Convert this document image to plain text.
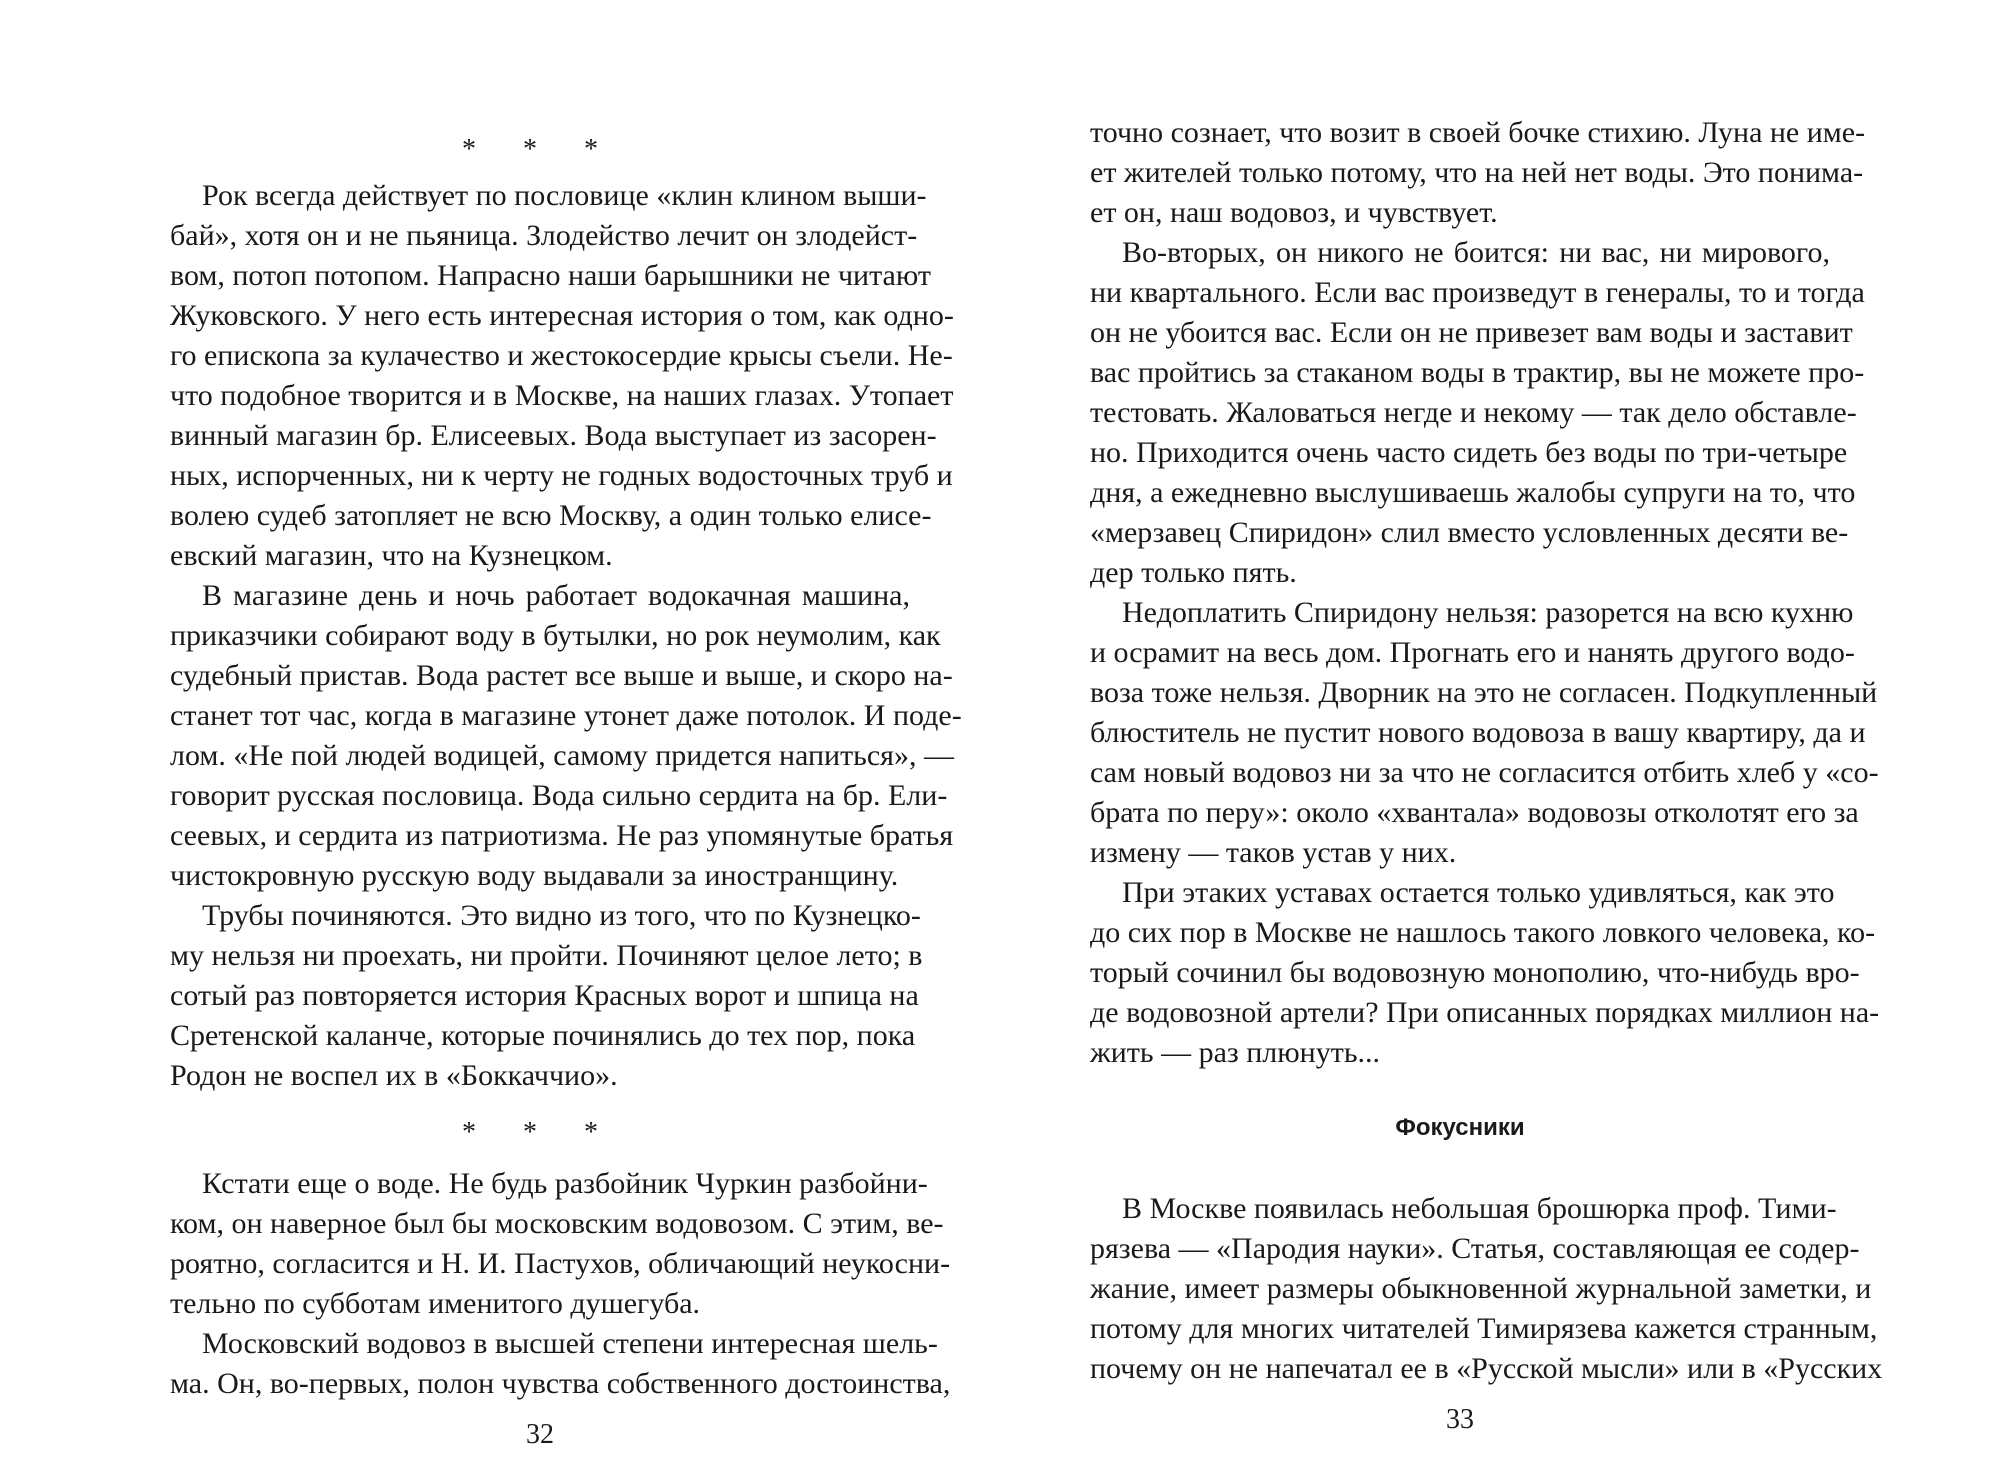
* * *
Рок всегда действует по пословице «клин клином выши-
бай», хотя он и не пьяница. Злодейство лечит он злодейст-
вом, потоп потопом. Напрасно наши барышники не читают
Жуковского. У него есть интересная история о том, как одно-
го епископа за кулачество и жестокосердие крысы съели. Не-
что подобное творится и в Москве, на наших глазах. Утопает
винный магазин бр. Елисеевых. Вода выступает из засорен-
ных, испорченных, ни к черту не годных водосточных труб и
волею судеб затопляет не всю Москву, а один только елисе-
евский магазин, что на Кузнецком.
В магазине день и ночь работает водокачная машина,
приказчики собирают воду в бутылки, но рок неумолим, как
судебный пристав. Вода растет все выше и выше, и скоро на-
станет тот час, когда в магазине утонет даже потолок. И поде-
лом. «Не пой людей водицей, самому придется напиться», —
говорит русская пословица. Вода сильно сердита на бр. Ели-
сеевых, и сердита из патриотизма. Не раз упомянутые братья
чистокровную русскую воду выдавали за иностранщину.
Трубы починяются. Это видно из того, что по Кузнецко-
му нельзя ни проехать, ни пройти. Починяют целое лето; в
сотый раз повторяется история Красных ворот и шпица на
Сретенской каланче, которые починялись до тех пор, пока
Родон не воспел их в «Боккаччио».
* * *
точно сознает, что возит в своей бочке стихию. Луна не име-
ет жителей только потому, что на ней нет воды. Это понима-
ет он, наш водовоз, и чувствует.
Во-вторых, он никого не боится: ни вас, ни мирового,
ни квартального. Если вас произведут в генералы, то и тогда
он не убоится вас. Если он не привезет вам воды и заставит
вас пройтись за стаканом воды в трактир, вы не можете про-
тестовать. Жаловаться негде и некому — так дело обставле-
но. Приходится очень часто сидеть без воды по три-четыре
дня, а ежедневно выслушиваешь жалобы супруги на то, что
«мерзавец Спиридон» слил вместо условленных десяти ве-
дер только пять.
Недоплатить Спиридону нельзя: разорется на всю кухню
и осрамит на весь дом. Прогнать его и нанять другого водо-
воза тоже нельзя. Дворник на это не согласен. Подкупленный
блюститель не пустит нового водовоза в вашу квартиру, да и
сам новый водовоз ни за что не согласится отбить хлеб у «со-
брата по перу»: около «хвантала» водовозы отколотят его за
измену — таков устав у них.
При этаких уставах остается только удивляться, как это
до сих пор в Москве не нашлось такого ловкого человека, ко-
торый сочинил бы водовозную монополию, что-нибудь вро-
де водовозной артели? При описанных порядках миллион на-
жить — раз плюнуть...
Фокусники
Кстати еще о воде. Не будь разбойник Чуркин разбойни-
ком, он наверное был бы московским водовозом. С этим, ве-
роятно, согласится и Н. И. Пастухов, обличающий неукосни-
тельно по субботам именитого душегуба.
Московский водовоз в высшей степени интересная шель-
ма. Он, во-первых, полон чувства собственного достоинства,
32
В Москве появилась небольшая брошюрка проф. Тими-
рязева — «Пародия науки». Статья, составляющая ее содер-
жание, имеет размеры обыкновенной журнальной заметки, и
потому для многих читателей Тимирязева кажется странным,
почему он не напечатал ее в «Русской мысли» или в «Русских
33
